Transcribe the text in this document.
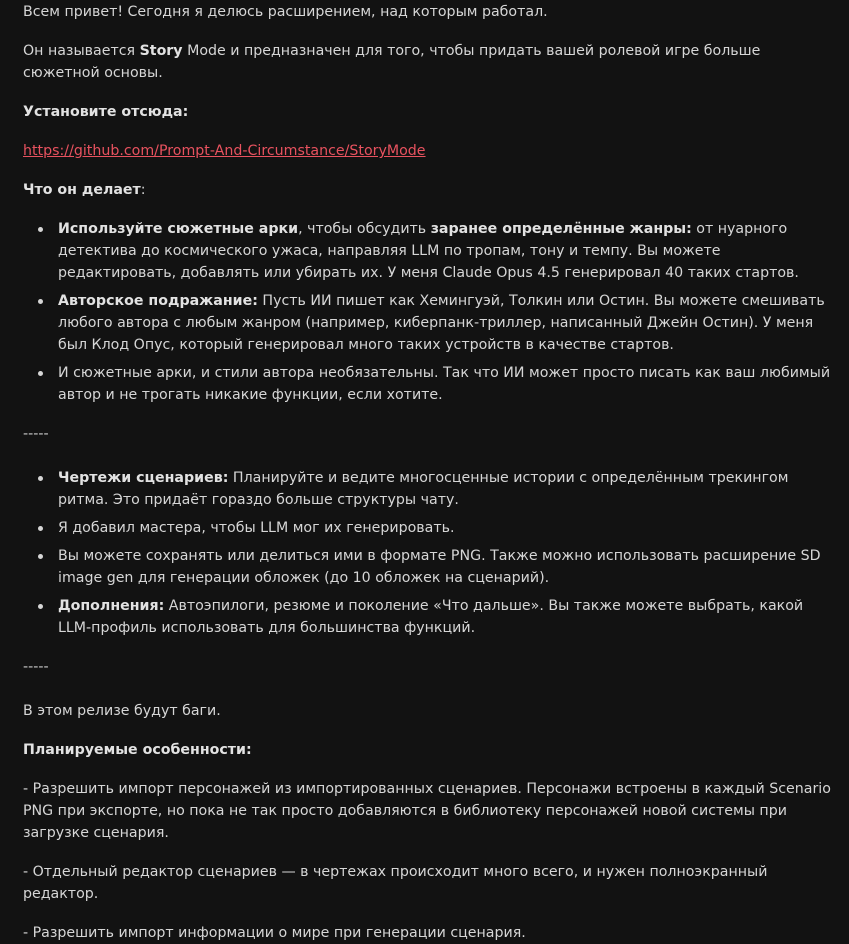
Всем привет! Сегодня я делюсь расширением, над которым работал.

Он называется Story Mode и предназначен для того, чтобы придать вашей ролевой игре больше сюжетной основы.

Установите отсюда:

https://github.com/Prompt-And-Circumstance/StoryMode

Что он делает:

Используйте сюжетные арки, чтобы обсудить заранее определённые жанры: от нуарного детектива до космического ужаса, направляя LLM по тропам, тону и темпу. Вы можете редактировать, добавлять или убирать их. У меня Claude Opus 4.5 генерировал 40 таких стартов.
Авторское подражание: Пусть ИИ пишет как Хемингуэй, Толкин или Остин. Вы можете смешивать любого автора с любым жанром (например, киберпанк-триллер, написанный Джейн Остин). У меня был Клод Опус, который генерировал много таких устройств в качестве стартов.
И сюжетные арки, и стили автора необязательны. Так что ИИ может просто писать как ваш любимый автор и не трогать никакие функции, если хотите.

-----

Чертежи сценариев: Планируйте и ведите многосценные истории с определённым трекингом ритма. Это придаёт гораздо больше структуры чату.
Я добавил мастера, чтобы LLM мог их генерировать.
Вы можете сохранять или делиться ими в формате PNG. Также можно использовать расширение SD image gen для генерации обложек (до 10 обложек на сценарий).
Дополнения: Автоэпилоги, резюме и поколение «Что дальше». Вы также можете выбрать, какой LLM-профиль использовать для большинства функций.

-----

В этом релизе будут баги.

Планируемые особенности:

- Разрешить импорт персонажей из импортированных сценариев. Персонажи встроены в каждый Scenario PNG при экспорте, но пока не так просто добавляются в библиотеку персонажей новой системы при загрузке сценария.

- Отдельный редактор сценариев — в чертежах происходит много всего, и нужен полноэкранный редактор.

- Разрешить импорт информации о мире при генерации сценария.
